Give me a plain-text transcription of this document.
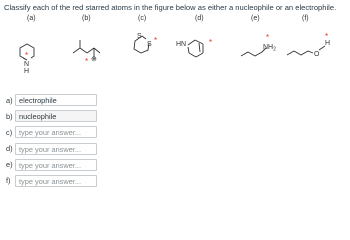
Classify each of the red starred atoms in the figure below as either a nucleophile or an electrophile.
(a)	(b)	(c)	(d)	(e)	(f)
*
N
H
* ⊖
S
S *	HN	*
*
$NH_2$
O
H
*
a) electrophile
b) nucleophile
c) type your answer...
d) type your answer...
e) type your answer...
f)	type your answer...
